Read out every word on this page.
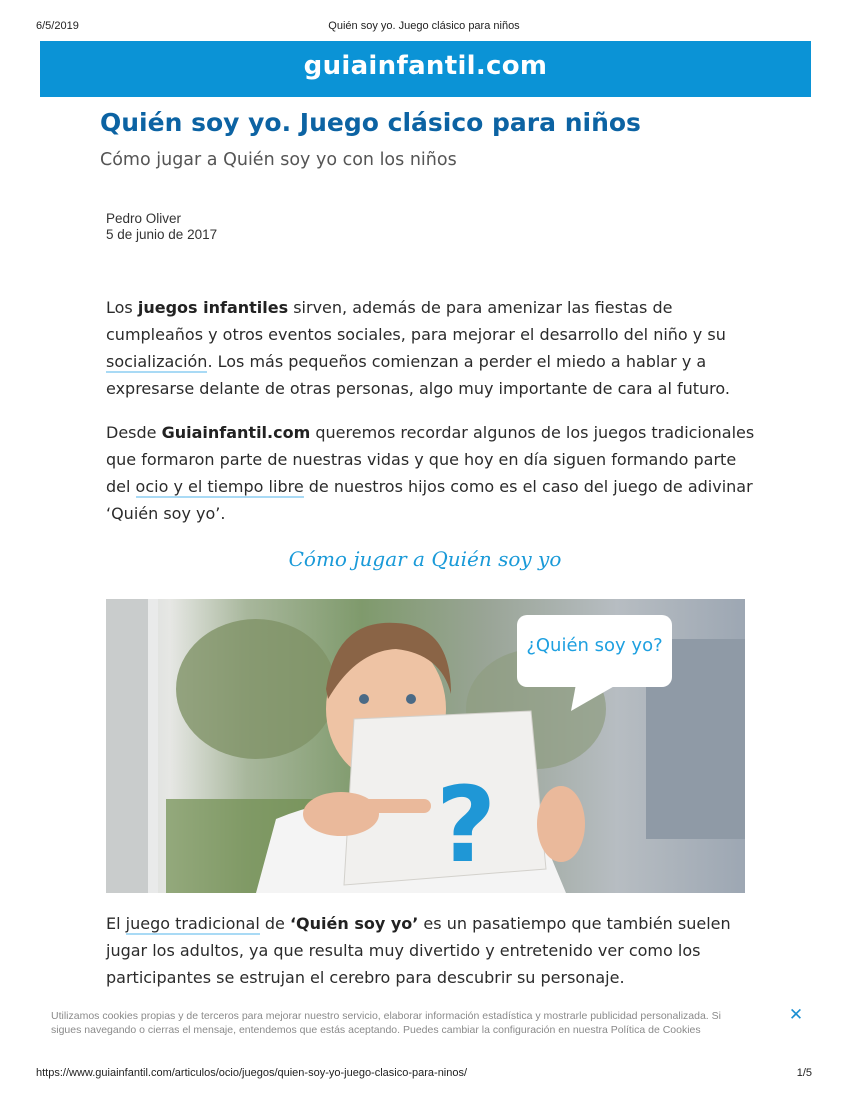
6/5/2019	Quién soy yo. Juego clásico para niños
guiainfantil.com
Quién soy yo. Juego clásico para niños
Cómo jugar a Quién soy yo con los niños
Pedro Oliver
5 de junio de 2017

Los juegos infantiles sirven, además de para amenizar las fiestas de cumpleaños y otros eventos sociales, para mejorar el desarrollo del niño y su socialización. Los más pequeños comienzan a perder el miedo a hablar y a expresarse delante de otras personas, algo muy importante de cara al futuro.

Desde Guiainfantil.com queremos recordar algunos de los juegos tradicionales que formaron parte de nuestras vidas y que hoy en día siguen formando parte del ocio y el tiempo libre de nuestros hijos como es el caso del juego de adivinar ‘Quién soy yo’.

Cómo jugar a Quién soy yo
?
¿Quién soy yo?

El juego tradicional de ‘Quién soy yo’ es un pasatiempo que también suelen jugar los adultos, ya que resulta muy divertido y entretenido ver como los participantes se estrujan el cerebro para descubrir su personaje.

Utilizamos cookies propias y de terceros para mejorar nuestro servicio, elaborar información estadística y mostrarle publicidad personalizada. Si sigues navegando o cierras el mensaje, entendemos que estás aceptando. Puedes cambiar la configuración en nuestra Política de Cookies
✕
https://www.guiainfantil.com/articulos/ocio/juegos/quien-soy-yo-juego-clasico-para-ninos/	1/5
